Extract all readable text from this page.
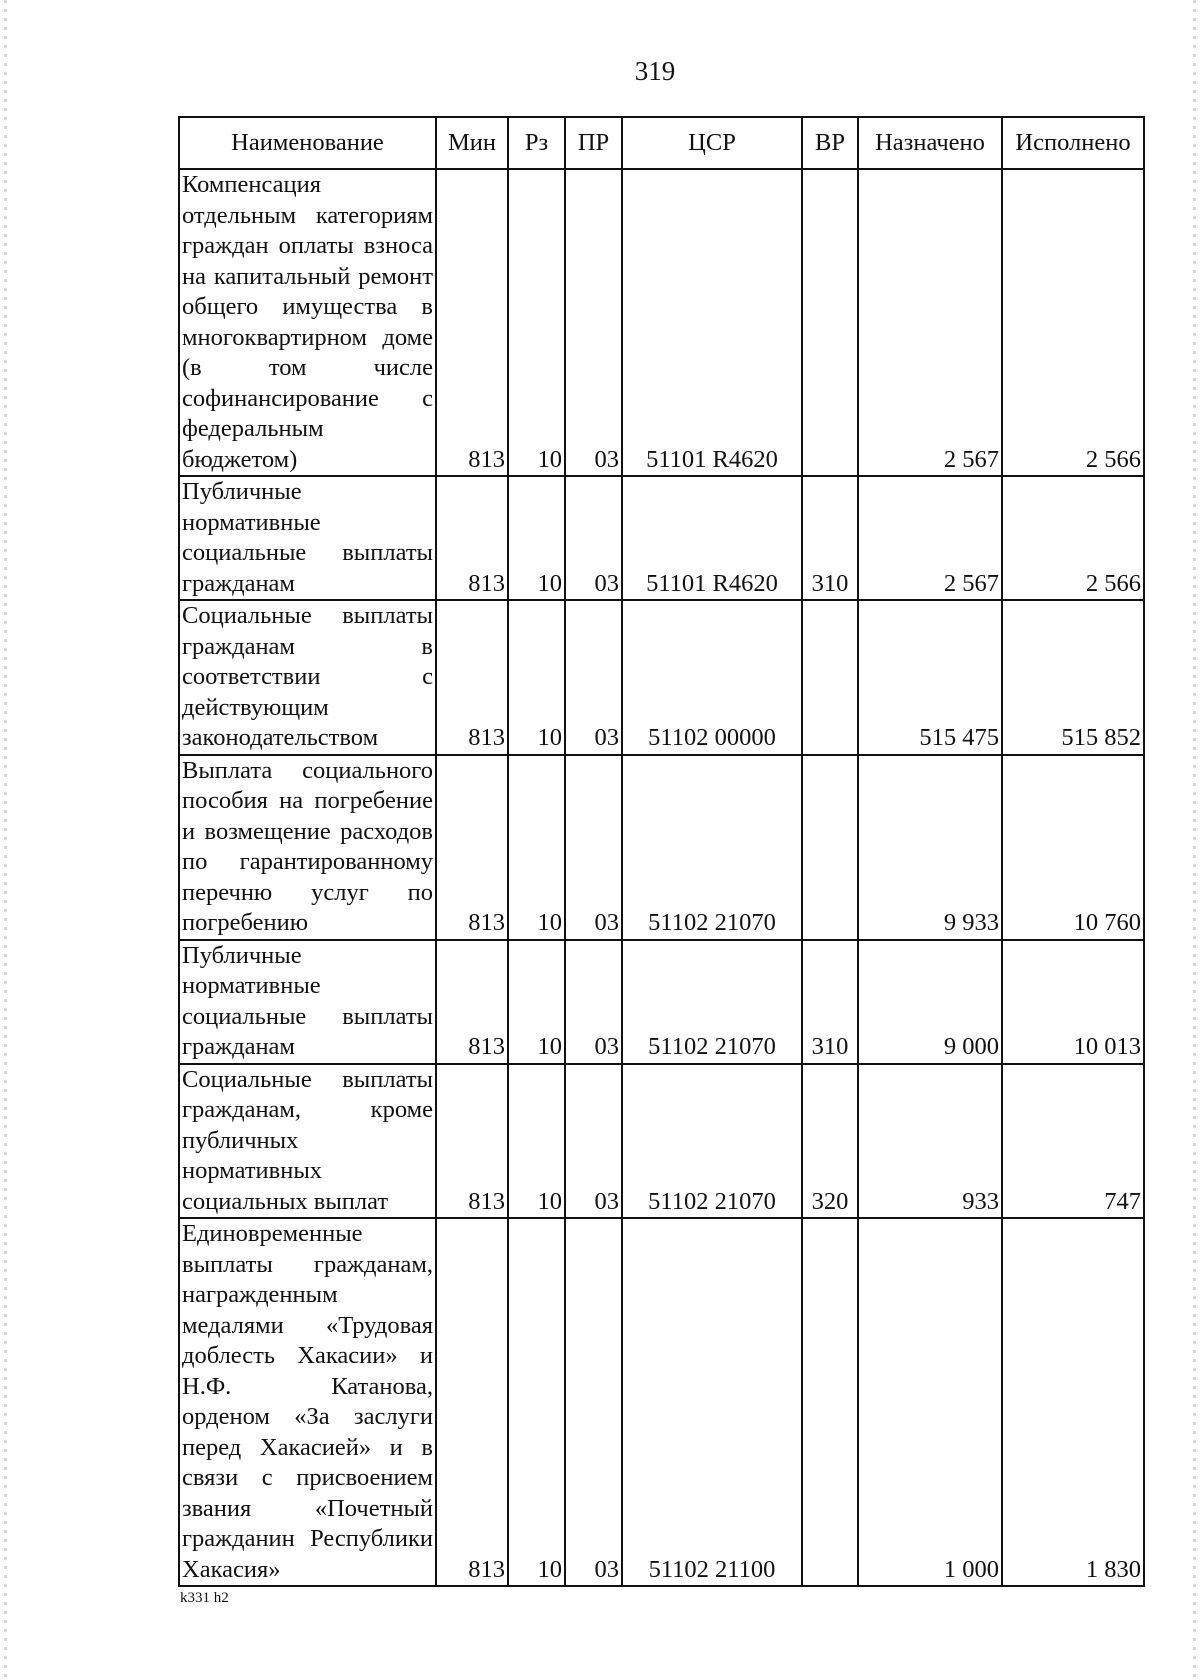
319
Наименование	Мин	Рз	ПР	ЦСР	ВР	Назначено	Исполнено
Компенсация отдельным категориям граждан оплаты взноса на капитальный ремонт общего имущества в многоквартирном доме (в том числе софинансирование с федеральным бюджетом)	813	10	03	51101 R4620		2 567	2 566
Публичные нормативные социальные выплаты гражданам	813	10	03	51101 R4620	310	2 567	2 566
Социальные выплаты гражданам в соответствии с действующим законодательством	813	10	03	51102 00000		515 475	515 852
Выплата социального пособия на погребение и возмещение расходов по гарантированному перечню услуг по погребению	813	10	03	51102 21070		9 933	10 760
Публичные нормативные социальные выплаты гражданам	813	10	03	51102 21070	310	9 000	10 013
Социальные выплаты гражданам, кроме публичных нормативных социальных выплат	813	10	03	51102 21070	320	933	747
Единовременные выплаты гражданам, награжденным медалями «Трудовая доблесть Хакасии» и Н.Ф. Катанова, орденом «За заслуги перед Хакасией» и в связи с присвоением звания «Почетный гражданин Республики Хакасия»	813	10	03	51102 21100		1 000	1 830
k331 h2
